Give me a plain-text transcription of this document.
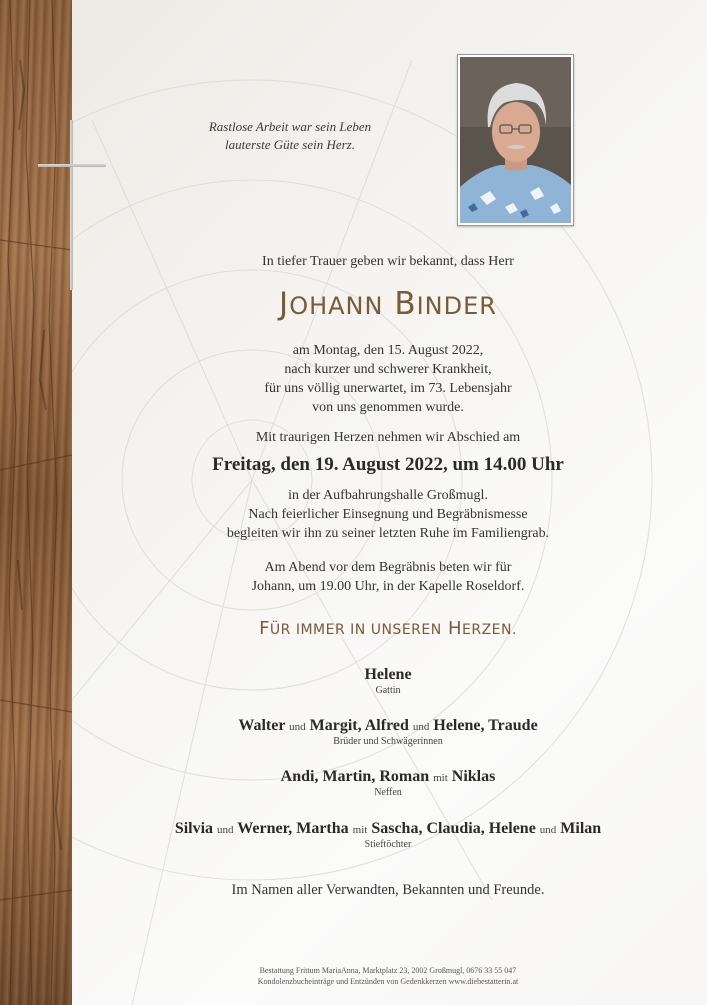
Rastlose Arbeit war sein Leben
lauterste Güte sein Herz.
In tiefer Trauer geben wir bekannt, dass Herr
JOHANN BINDER
am Montag, den 15. August 2022,
nach kurzer und schwerer Krankheit,
für uns völlig unerwartet, im 73. Lebensjahr
von uns genommen wurde.
Mit traurigen Herzen nehmen wir Abschied am
Freitag, den 19. August 2022, um 14.00 Uhr
in der Aufbahrungshalle Großmugl.
Nach feierlicher Einsegnung und Begräbnismesse
begleiten wir ihn zu seiner letzten Ruhe im Familiengrab.
Am Abend vor dem Begräbnis beten wir für
Johann, um 19.00 Uhr, in der Kapelle Roseldorf.
FÜR IMMER IN UNSEREN HERZEN.
Helene
Gattin
Walter und Margit, Alfred und Helene, Traude
Brüder und Schwägerinnen
Andi, Martin, Roman mit Niklas
Neffen
Silvia und Werner, Martha mit Sascha, Claudia, Helene und Milan
Stieftöchter
Im Namen aller Verwandten, Bekannten und Freunde.
Bestattung Frittum MariaAnna, Marktplatz 23, 2002 Großmugl, 0676 33 55 047
Kondolenzbucheinträge und Entzünden von Gedenkkerzen www.diebestatterin.at
